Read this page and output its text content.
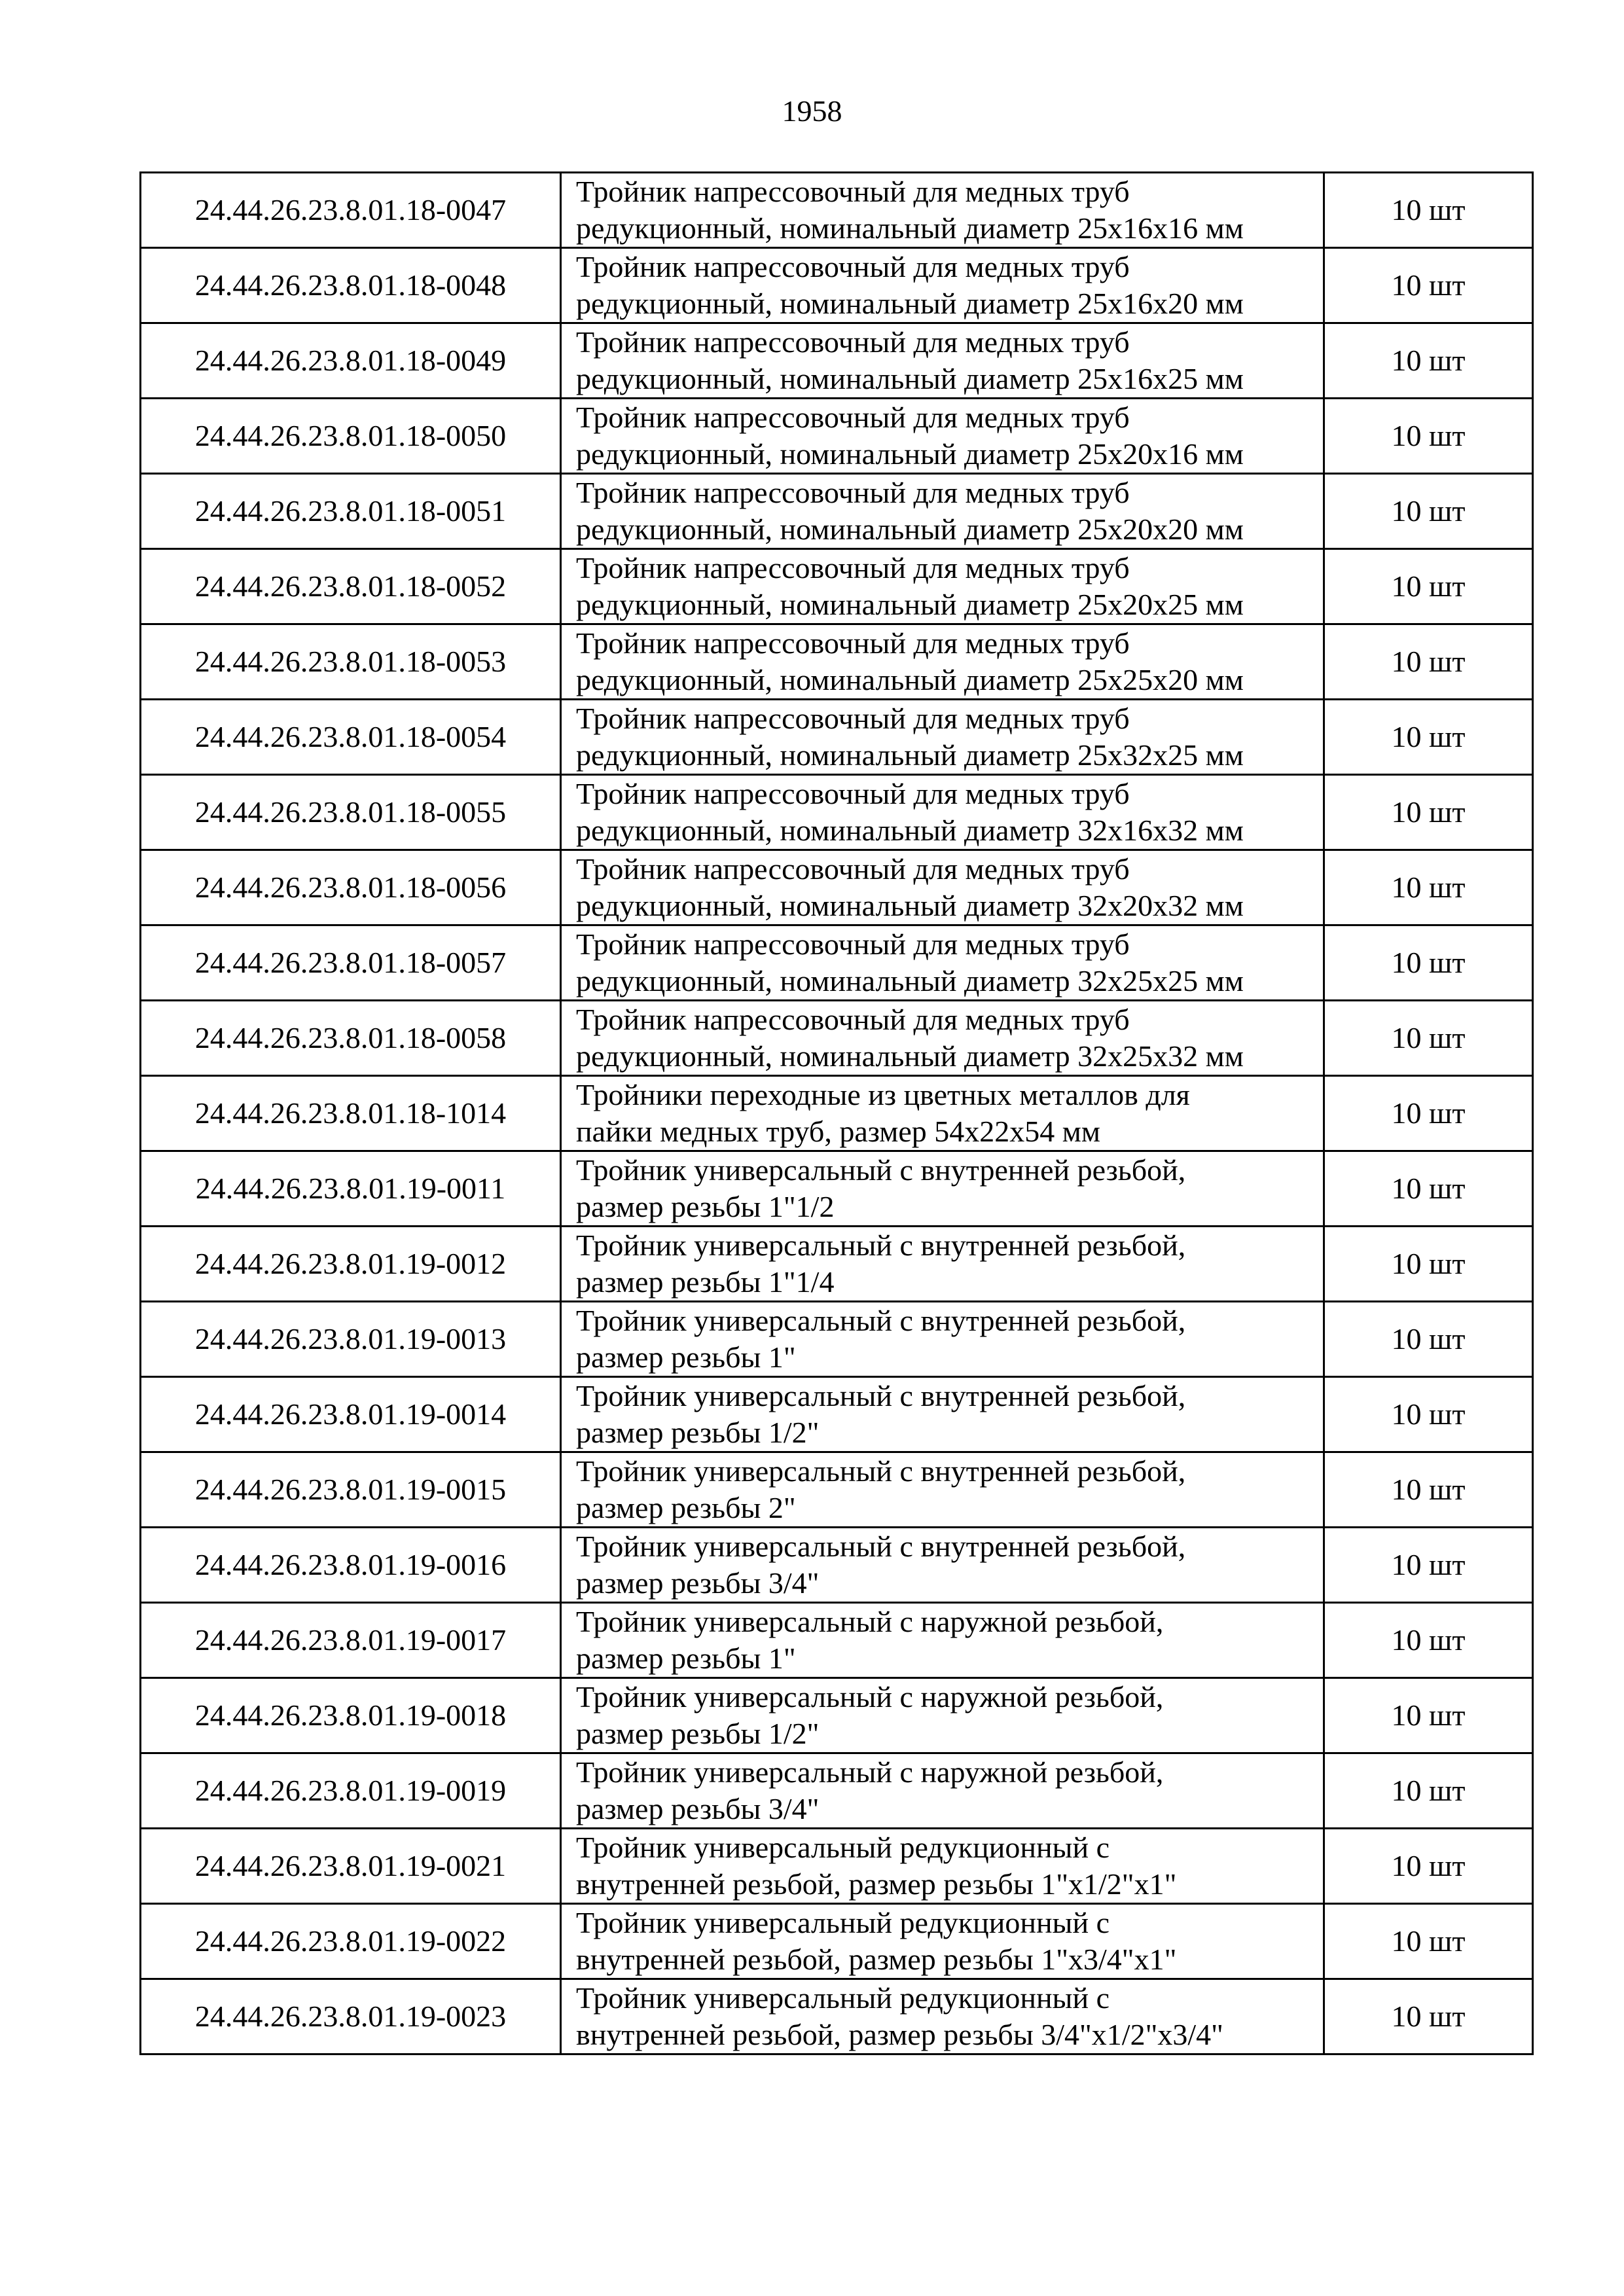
1958
24.44.26.23.8.01.18-0047	Тройник напрессовочный для медных труб
редукционный, номинальный диаметр 25x16x16 мм	10 шт
24.44.26.23.8.01.18-0048	Тройник напрессовочный для медных труб
редукционный, номинальный диаметр 25x16x20 мм	10 шт
24.44.26.23.8.01.18-0049	Тройник напрессовочный для медных труб
редукционный, номинальный диаметр 25x16x25 мм	10 шт
24.44.26.23.8.01.18-0050	Тройник напрессовочный для медных труб
редукционный, номинальный диаметр 25x20x16 мм	10 шт
24.44.26.23.8.01.18-0051	Тройник напрессовочный для медных труб
редукционный, номинальный диаметр 25x20x20 мм	10 шт
24.44.26.23.8.01.18-0052	Тройник напрессовочный для медных труб
редукционный, номинальный диаметр 25x20x25 мм	10 шт
24.44.26.23.8.01.18-0053	Тройник напрессовочный для медных труб
редукционный, номинальный диаметр 25x25x20 мм	10 шт
24.44.26.23.8.01.18-0054	Тройник напрессовочный для медных труб
редукционный, номинальный диаметр 25x32x25 мм	10 шт
24.44.26.23.8.01.18-0055	Тройник напрессовочный для медных труб
редукционный, номинальный диаметр 32x16x32 мм	10 шт
24.44.26.23.8.01.18-0056	Тройник напрессовочный для медных труб
редукционный, номинальный диаметр 32x20x32 мм	10 шт
24.44.26.23.8.01.18-0057	Тройник напрессовочный для медных труб
редукционный, номинальный диаметр 32x25x25 мм	10 шт
24.44.26.23.8.01.18-0058	Тройник напрессовочный для медных труб
редукционный, номинальный диаметр 32x25x32 мм	10 шт
24.44.26.23.8.01.18-1014	Тройники переходные из цветных металлов для
пайки медных труб, размер 54x22x54 мм	10 шт
24.44.26.23.8.01.19-0011	Тройник универсальный с внутренней резьбой,
размер резьбы 1"1/2	10 шт
24.44.26.23.8.01.19-0012	Тройник универсальный с внутренней резьбой,
размер резьбы 1"1/4	10 шт
24.44.26.23.8.01.19-0013	Тройник универсальный с внутренней резьбой,
размер резьбы 1"	10 шт
24.44.26.23.8.01.19-0014	Тройник универсальный с внутренней резьбой,
размер резьбы 1/2"	10 шт
24.44.26.23.8.01.19-0015	Тройник универсальный с внутренней резьбой,
размер резьбы 2"	10 шт
24.44.26.23.8.01.19-0016	Тройник универсальный с внутренней резьбой,
размер резьбы 3/4"	10 шт
24.44.26.23.8.01.19-0017	Тройник универсальный с наружной резьбой,
размер резьбы 1"	10 шт
24.44.26.23.8.01.19-0018	Тройник универсальный с наружной резьбой,
размер резьбы 1/2"	10 шт
24.44.26.23.8.01.19-0019	Тройник универсальный с наружной резьбой,
размер резьбы 3/4"	10 шт
24.44.26.23.8.01.19-0021	Тройник универсальный редукционный с
внутренней резьбой, размер резьбы 1"x1/2"x1"	10 шт
24.44.26.23.8.01.19-0022	Тройник универсальный редукционный с
внутренней резьбой, размер резьбы 1"x3/4"x1"	10 шт
24.44.26.23.8.01.19-0023	Тройник универсальный редукционный с
внутренней резьбой, размер резьбы 3/4"x1/2"x3/4"	10 шт
